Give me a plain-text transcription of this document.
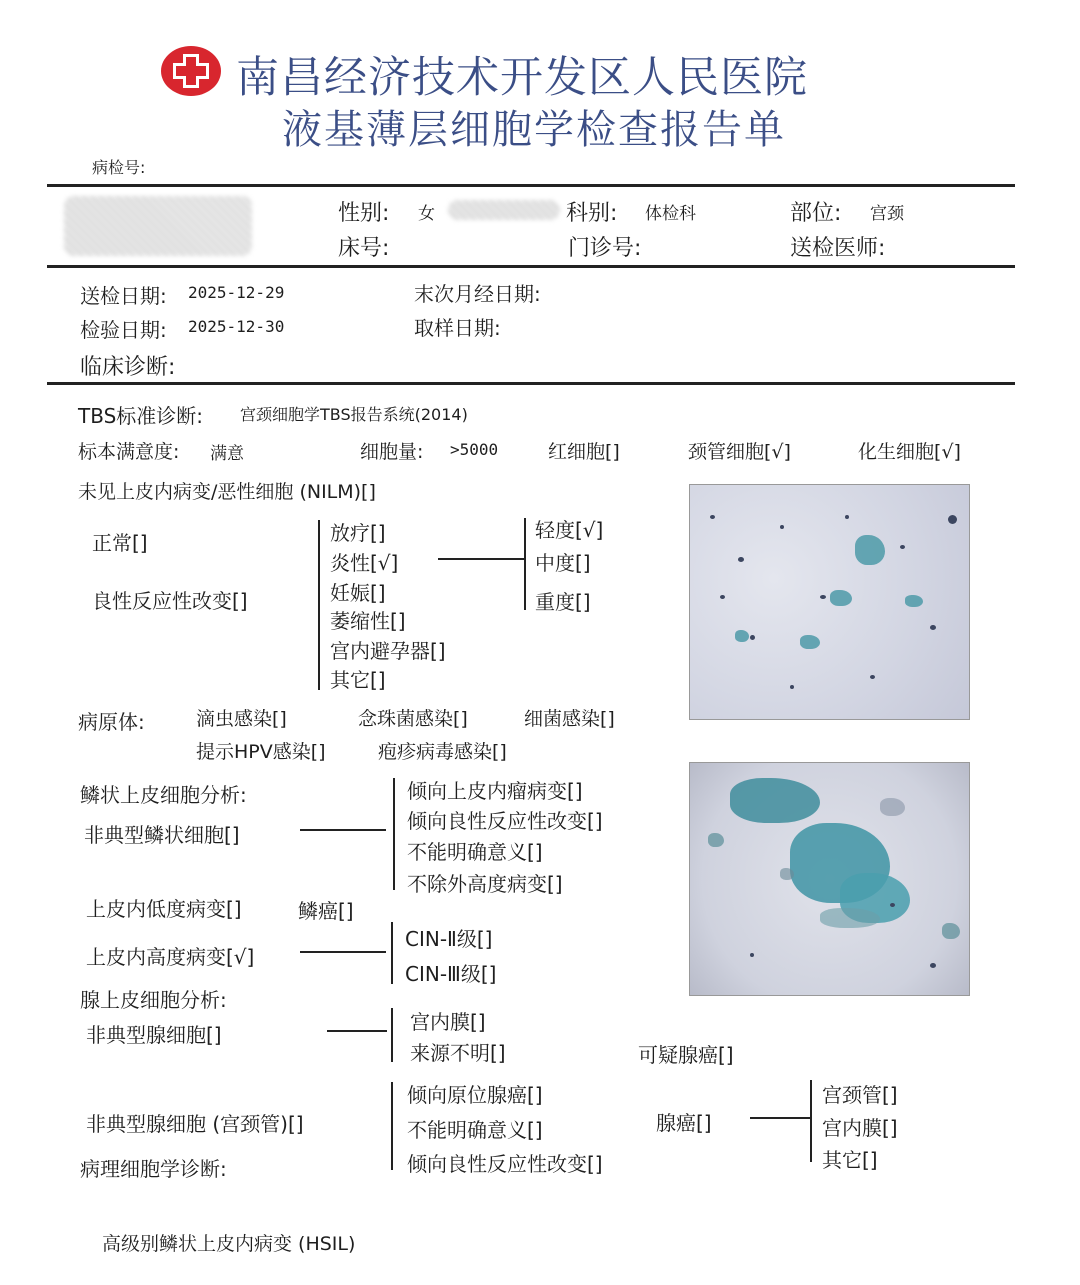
南昌经济技术开发区人民医院
液基薄层细胞学检查报告单
病检号:
性别: 女	科别: 体检科	部位: 宫颈
床号:	门诊号:	送检医师:
送检日期: 2025-12-29	末次月经日期:
检验日期: 2025-12-30	取样日期:
临床诊断:
TBS标准诊断: 宫颈细胞学TBS报告系统(2014)
标本满意度: 满意	细胞量: >5000	红细胞[]	颈管细胞[√]	化生细胞[√]
未见上皮内病变/恶性细胞 (NILM)[]
正常[]
良性反应性改变[]
放疗[]
炎性[√]
妊娠[]
萎缩性[]
宫内避孕器[]
其它[]
轻度[√]
中度[]
重度[]
病原体:	滴虫感染[]	念珠菌感染[]	细菌感染[]
提示HPV感染[]	疱疹病毒感染[]
鳞状上皮细胞分析:
非典型鳞状细胞[]
倾向上皮内瘤病变[]
倾向良性反应性改变[]
不能明确意义[]
不除外高度病变[]
上皮内低度病变[]	鳞癌[]
上皮内高度病变[√]
CIN-Ⅱ级[]
CIN-Ⅲ级[]
腺上皮细胞分析:
非典型腺细胞[]
宫内膜[]
来源不明[]	可疑腺癌[]
非典型腺细胞 (宫颈管)[]
倾向原位腺癌[]
不能明确意义[]
倾向良性反应性改变[]
腺癌[]
宫颈管[]
宫内膜[]
其它[]
病理细胞学诊断:
高级别鳞状上皮内病变 (HSIL)
